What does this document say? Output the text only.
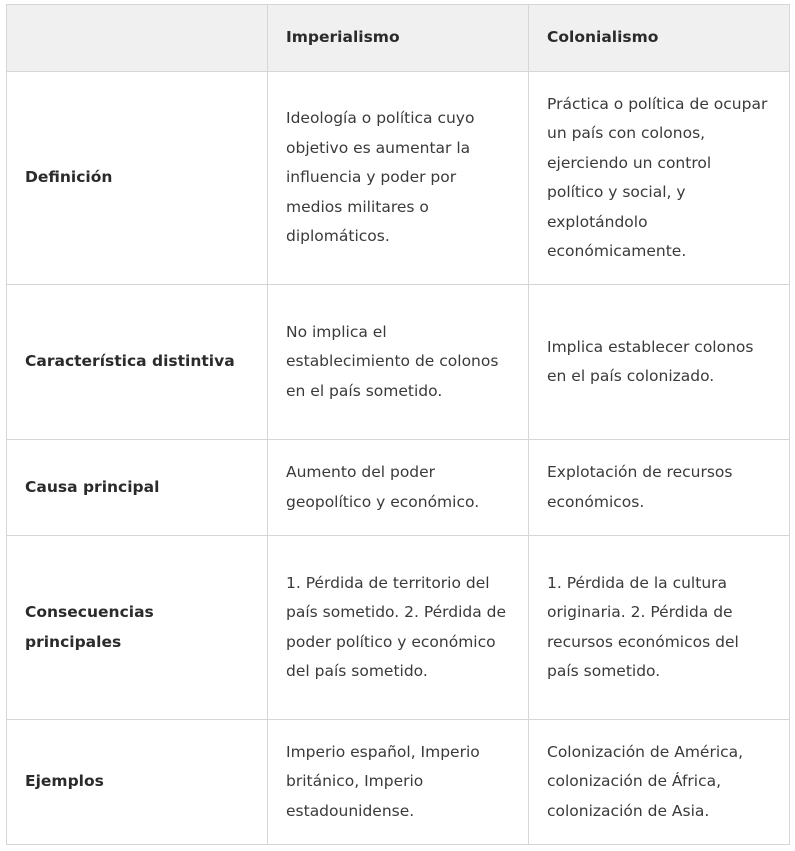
	Imperialismo	Colonialismo
Definición	Ideología o política cuyo objetivo es aumentar la influencia y poder por medios militares o diplomáticos.	Práctica o política de ocupar un país con colonos, ejerciendo un control político y social, y explotándolo económicamente.
Característica distintiva	No implica el establecimiento de colonos en el país sometido.	Implica establecer colonos en el país colonizado.
Causa principal	Aumento del poder geopolítico y económico.	Explotación de recursos económicos.
Consecuencias principales	1. Pérdida de territorio del país sometido. 2. Pérdida de poder político y económico del país sometido.	1. Pérdida de la cultura originaria. 2. Pérdida de recursos económicos del país sometido.
Ejemplos	Imperio español, Imperio británico, Imperio estadounidense.	Colonización de América, colonización de África, colonización de Asia.
